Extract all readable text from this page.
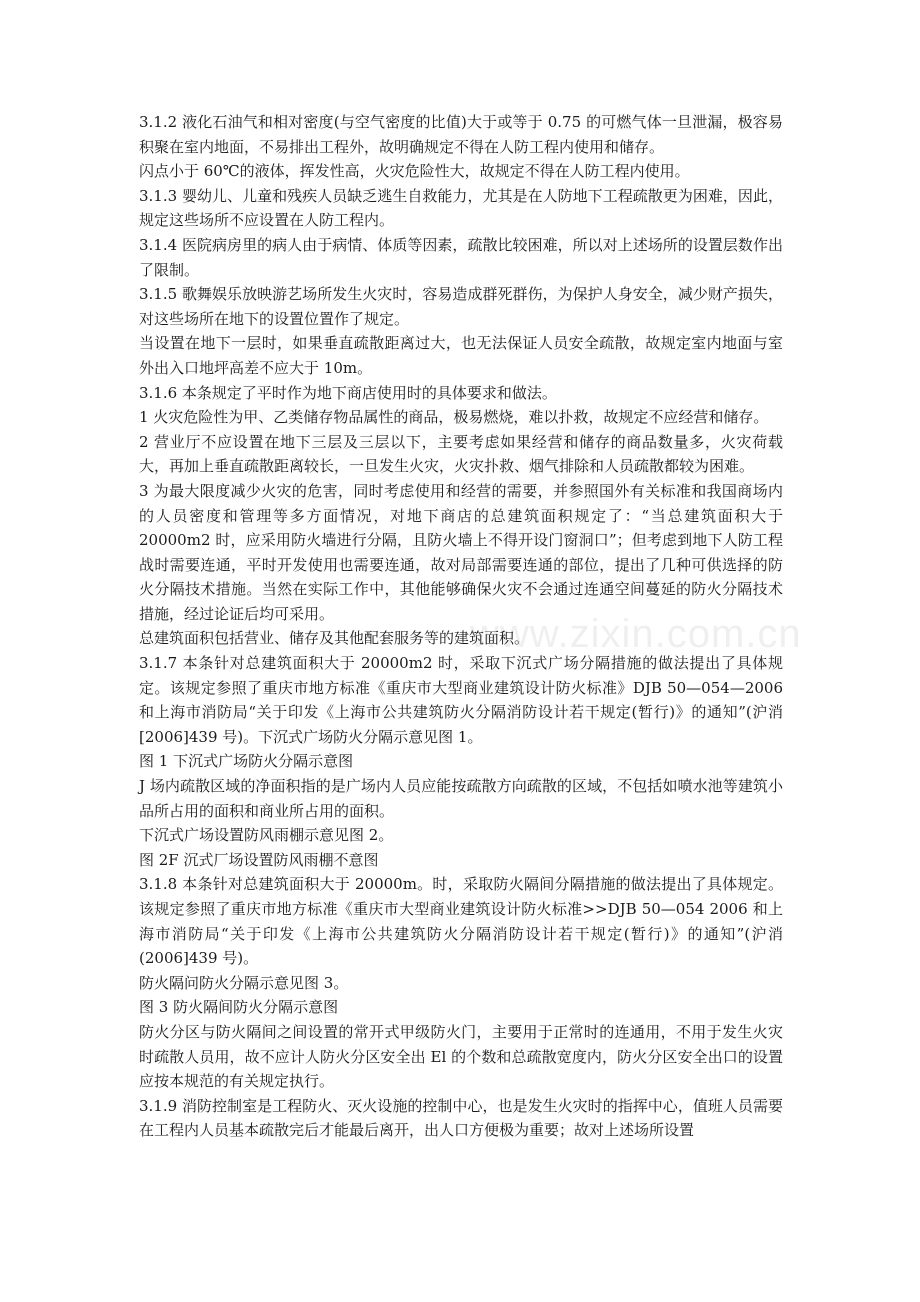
www.zixin.com.cn

3.1.2 液化石油气和相对密度(与空气密度的比值)大于或等于 0.75 的可燃气体一旦泄漏，极容易积聚在室内地面，不易排出工程外，故明确规定不得在人防工程内使用和储存。

闪点小于 60℃的液体，挥发性高，火灾危险性大，故规定不得在人防工程内使用。

3.1.3 婴幼儿、儿童和残疾人员缺乏逃生自救能力，尤其是在人防地下工程疏散更为困难，因此，规定这些场所不应设置在人防工程内。

3.1.4 医院病房里的病人由于病情、体质等因素，疏散比较困难，所以对上述场所的设置层数作出了限制。

3.1.5 歌舞娱乐放映游艺场所发生火灾时，容易造成群死群伤，为保护人身安全，减少财产损失，对这些场所在地下的设置位置作了规定。

当设置在地下一层时，如果垂直疏散距离过大，也无法保证人员安全疏散，故规定室内地面与室外出入口地坪高差不应大于 10m。

3.1.6 本条规定了平时作为地下商店使用时的具体要求和做法。

1 火灾危险性为甲、乙类储存物品属性的商品，极易燃烧，难以扑救，故规定不应经营和储存。

2 营业厅不应设置在地下三层及三层以下，主要考虑如果经营和储存的商品数量多，火灾荷载大，再加上垂直疏散距离较长，一旦发生火灾，火灾扑救、烟气排除和人员疏散都较为困难。

3 为最大限度减少火灾的危害，同时考虑使用和经营的需要，并参照国外有关标准和我国商场内的人员密度和管理等多方面情况，对地下商店的总建筑面积规定了：“当总建筑面积大于 20000m2 时，应采用防火墙进行分隔，且防火墙上不得开设门窗洞口”；但考虑到地下人防工程战时需要连通，平时开发使用也需要连通，故对局部需要连通的部位，提出了几种可供选择的防火分隔技术措施。当然在实际工作中，其他能够确保火灾不会通过连通空间蔓延的防火分隔技术措施，经过论证后均可采用。

总建筑面积包括营业、储存及其他配套服务等的建筑面积。

3.1.7 本条针对总建筑面积大于 20000m2 时，采取下沉式广场分隔措施的做法提出了具体规定。该规定参照了重庆市地方标准《重庆市大型商业建筑设计防火标准》DJB 50—054—2006 和上海市消防局“关于印发《上海市公共建筑防火分隔消防设计若干规定(暂行)》的通知”(沪消[2006]439 号)。下沉式广场防火分隔示意见图 1。

图 1 下沉式广场防火分隔示意图

J 场内疏散区域的净面积指的是广场内人员应能按疏散方向疏散的区域，不包括如喷水池等建筑小品所占用的面积和商业所占用的面积。

下沉式广场设置防风雨棚示意见图 2。

图 2F 沉式厂场设置防风雨棚不意图

3.1.8 本条针对总建筑面积大于 20000m。时，采取防火隔间分隔措施的做法提出了具体规定。该规定参照了重庆市地方标准《重庆市大型商业建筑设计防火标准>>DJB 50—054 2006 和上海市消防局“关于印发《上海市公共建筑防火分隔消防设计若干规定(暂行)》的通知”(沪消(2006]439 号)。

防火隔问防火分隔示意见图 3。

图 3 防火隔间防火分隔示意图

防火分区与防火隔间之间设置的常开式甲级防火门，主要用于正常时的连通用，不用于发生火灾时疏散人员用，故不应计人防火分区安全出 El 的个数和总疏散宽度内，防火分区安全出口的设置应按本规范的有关规定执行。

3.1.9 消防控制室是工程防火、灭火设施的控制中心，也是发生火灾时的指挥中心，值班人员需要在工程内人员基本疏散完后才能最后离开，出人口方便极为重要；故对上述场所设置
